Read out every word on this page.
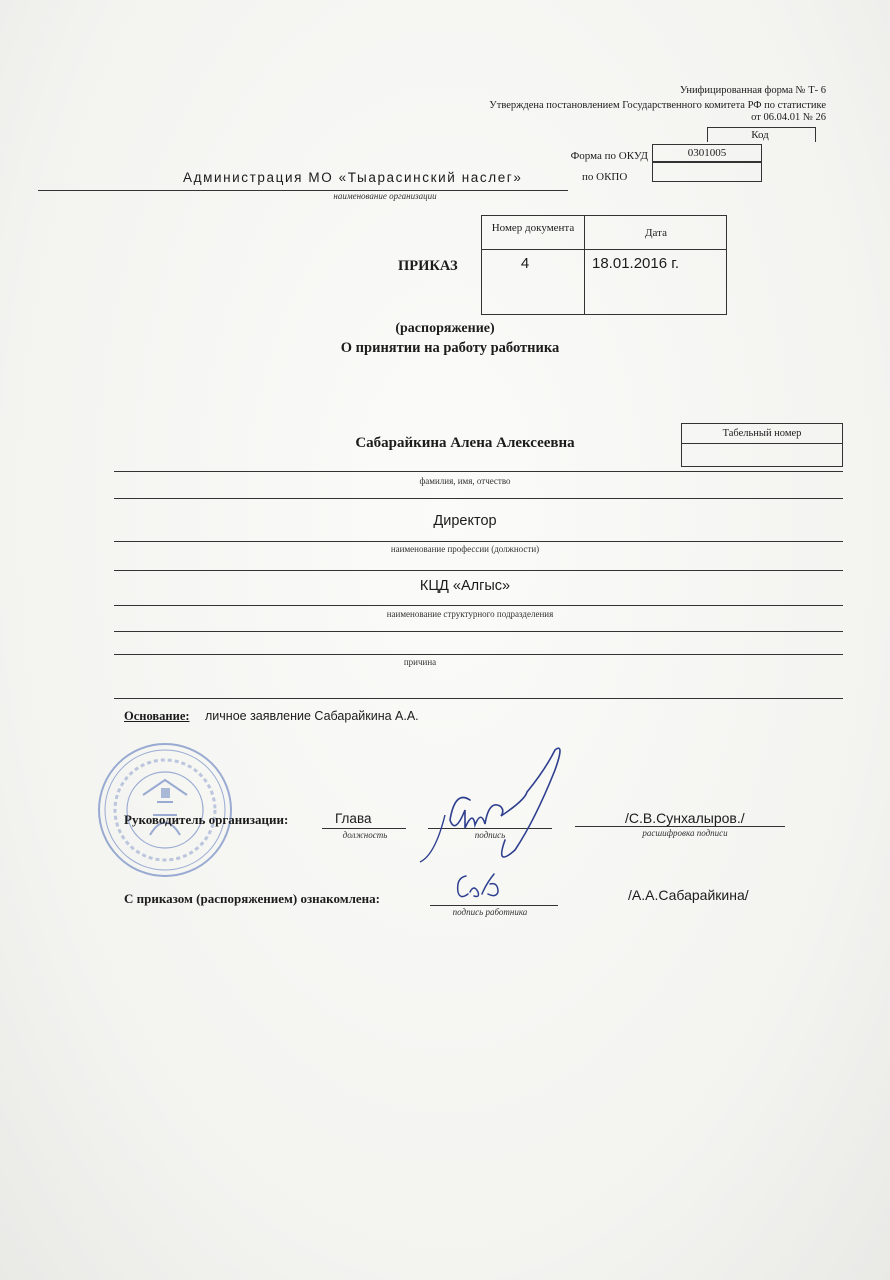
Унифицированная форма № Т- 6
Утверждена постановлением Государственного комитета РФ по статистике
от 06.04.01 № 26
Код
Форма по ОКУД	0301005
Администрация МО «Тыарасинский наслег»
наименование организации
по ОКПО
ПРИКАЗ
Номер документа	Дата
4	18.01.2016 г.
(распоряжение)
О принятии на работу работника
Сабарайкина Алена Алексеевна
Табельный номер
фамилия, имя, отчество
Директор
наименование профессии (должности)
КЦД «Алгыс»
наименование структурного подразделения
причина
Основание: личное заявление Сабарайкина А.А.
Руководитель организации:	Глава
должность	подпись
/С.В.Сунхалыров./
расшифровка подписи
С приказом (распоряжением) ознакомлена:
подпись работника
/А.А.Сабарайкина/
